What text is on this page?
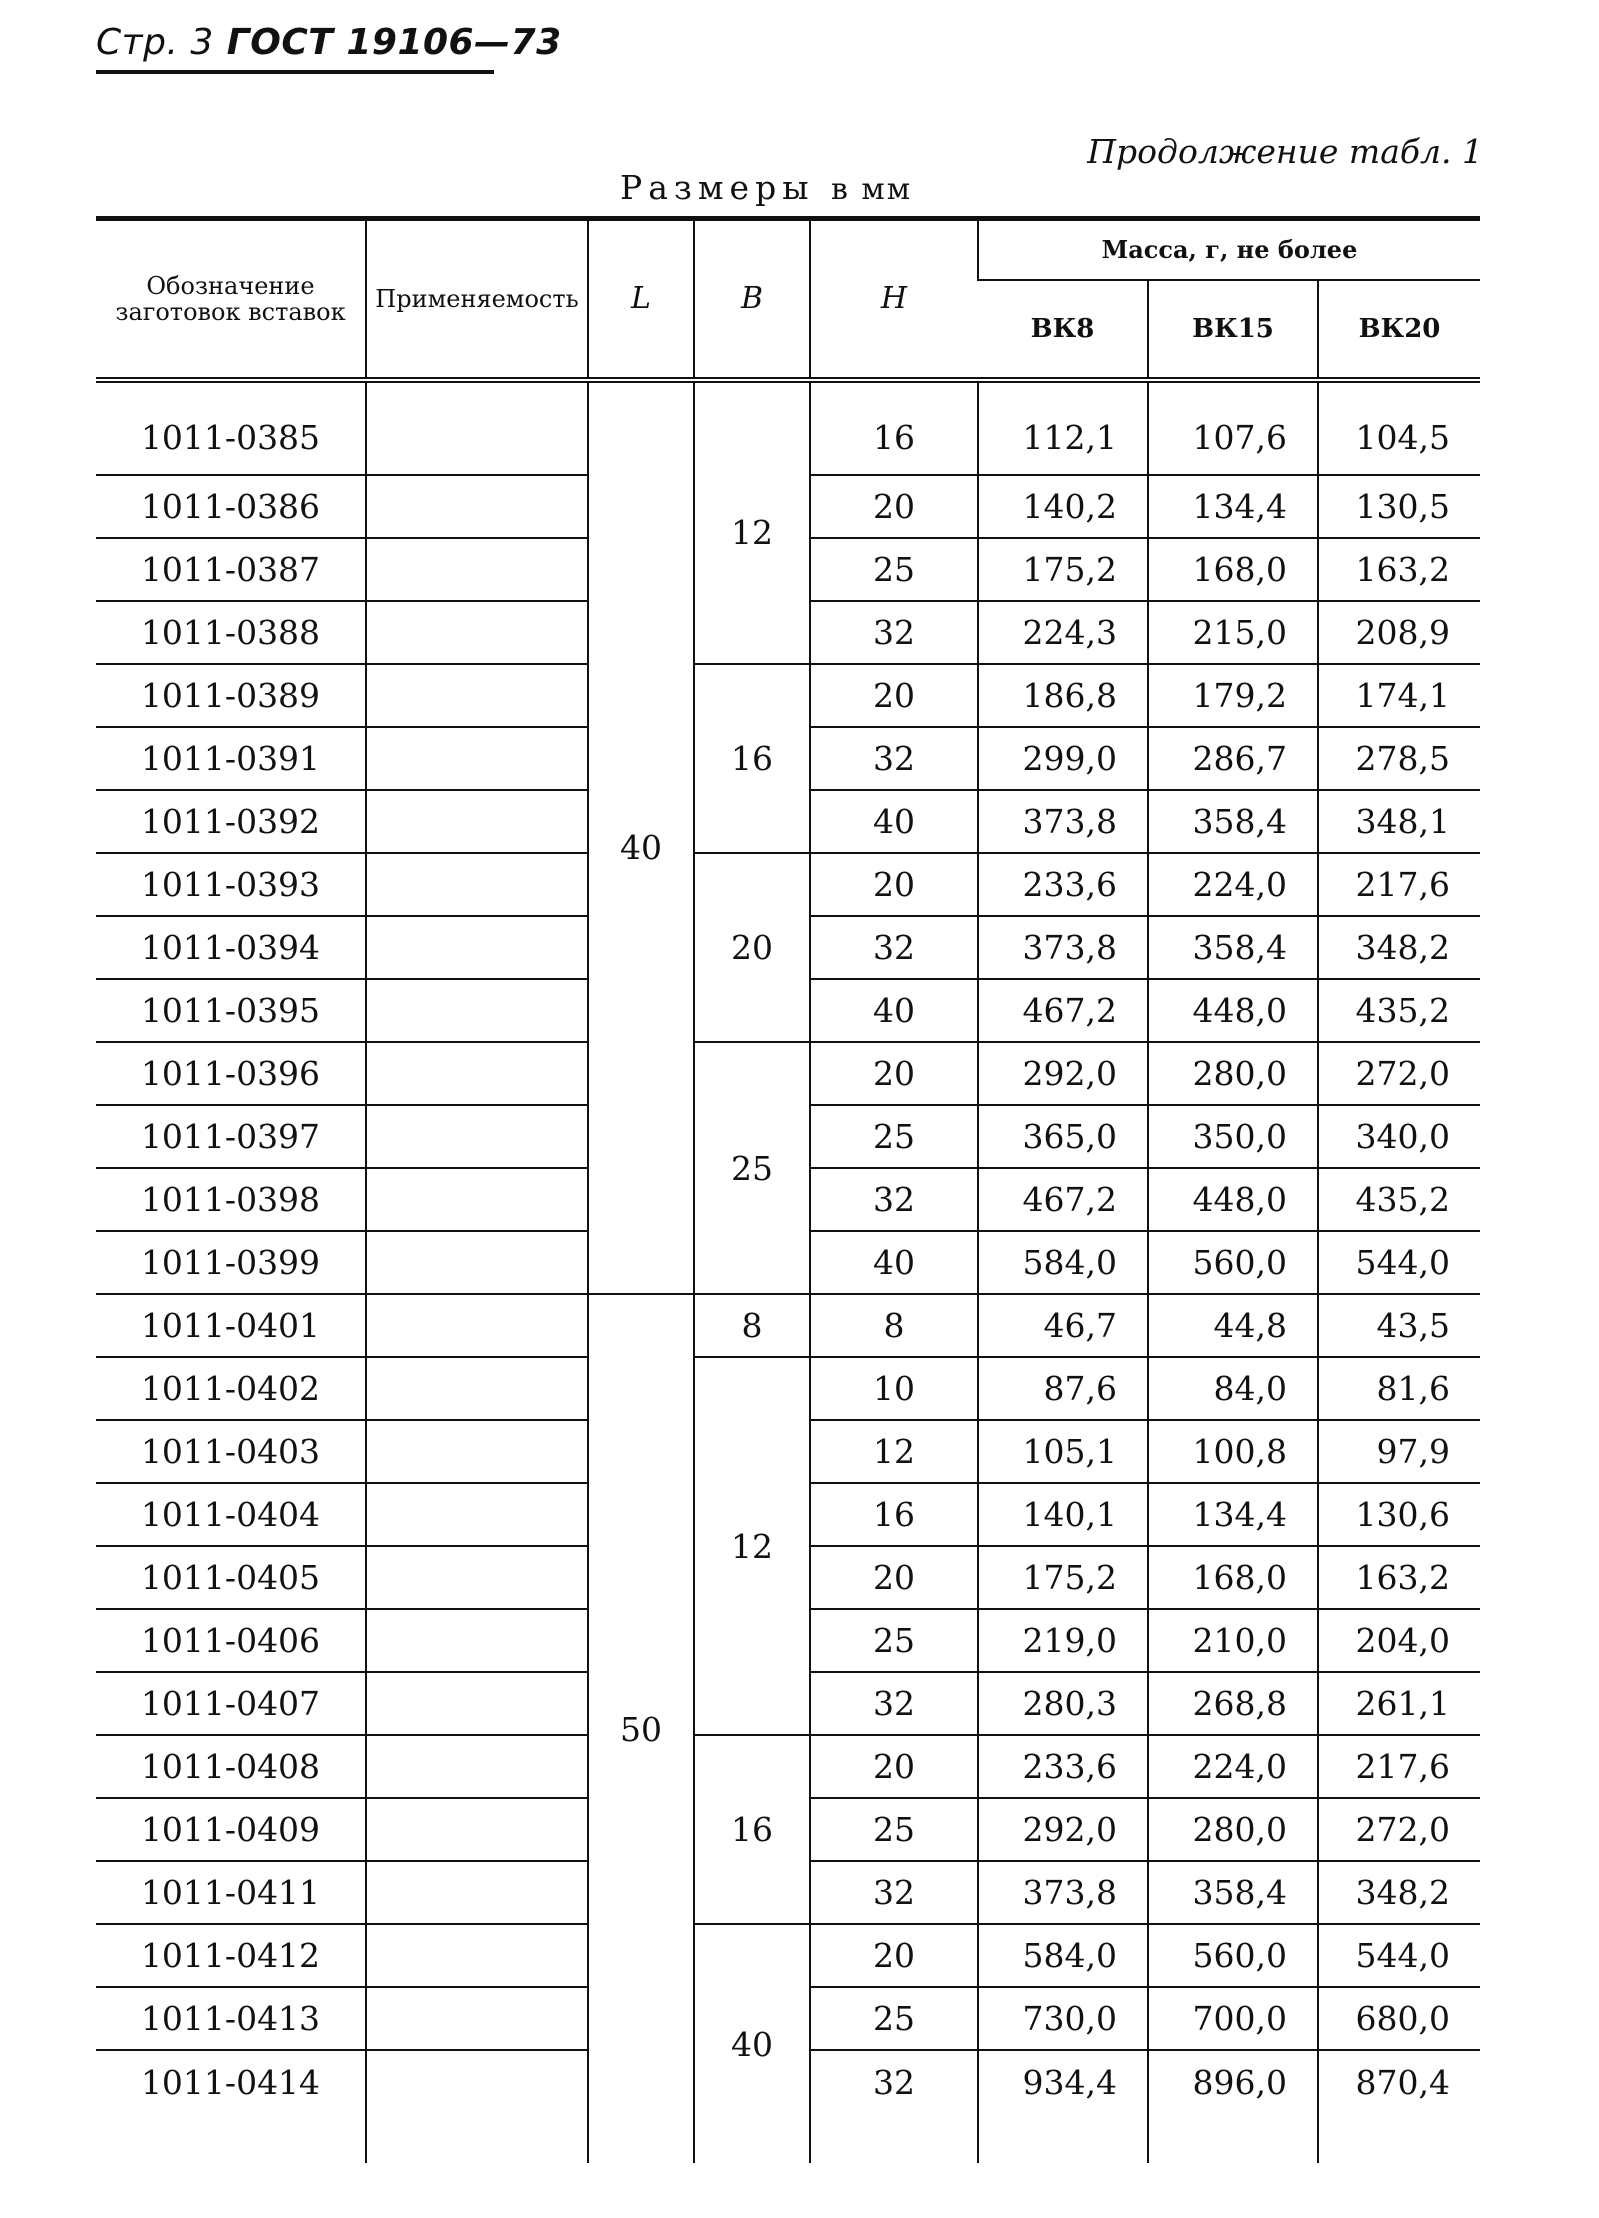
Стр. 3 ГОСТ 19106—73
Продолжение табл. 1
Размеры в мм
Обозначение заготовок вставок	Применяемость	L	B	H	Масса, г, не более		
					ВК8	ВК15	ВК20
1011-0385		40	12	16	112,1	107,6	104,5
1011-0386				20	140,2	134,4	130,5
1011-0387				25	175,2	168,0	163,2
1011-0388				32	224,3	215,0	208,9
1011-0389			16	20	186,8	179,2	174,1
1011-0391				32	299,0	286,7	278,5
1011-0392				40	373,8	358,4	348,1
1011-0393			20	20	233,6	224,0	217,6
1011-0394				32	373,8	358,4	348,2
1011-0395				40	467,2	448,0	435,2
1011-0396			25	20	292,0	280,0	272,0
1011-0397				25	365,0	350,0	340,0
1011-0398				32	467,2	448,0	435,2
1011-0399				40	584,0	560,0	544,0
1011-0401		50	8	8	46,7	44,8	43,5
1011-0402			12	10	87,6	84,0	81,6
1011-0403				12	105,1	100,8	97,9
1011-0404				16	140,1	134,4	130,6
1011-0405				20	175,2	168,0	163,2
1011-0406				25	219,0	210,0	204,0
1011-0407				32	280,3	268,8	261,1
1011-0408			16	20	233,6	224,0	217,6
1011-0409				25	292,0	280,0	272,0
1011-0411				32	373,8	358,4	348,2
1011-0412			40	20	584,0	560,0	544,0
1011-0413				25	730,0	700,0	680,0
1011-0414				32	934,4	896,0	870,4
